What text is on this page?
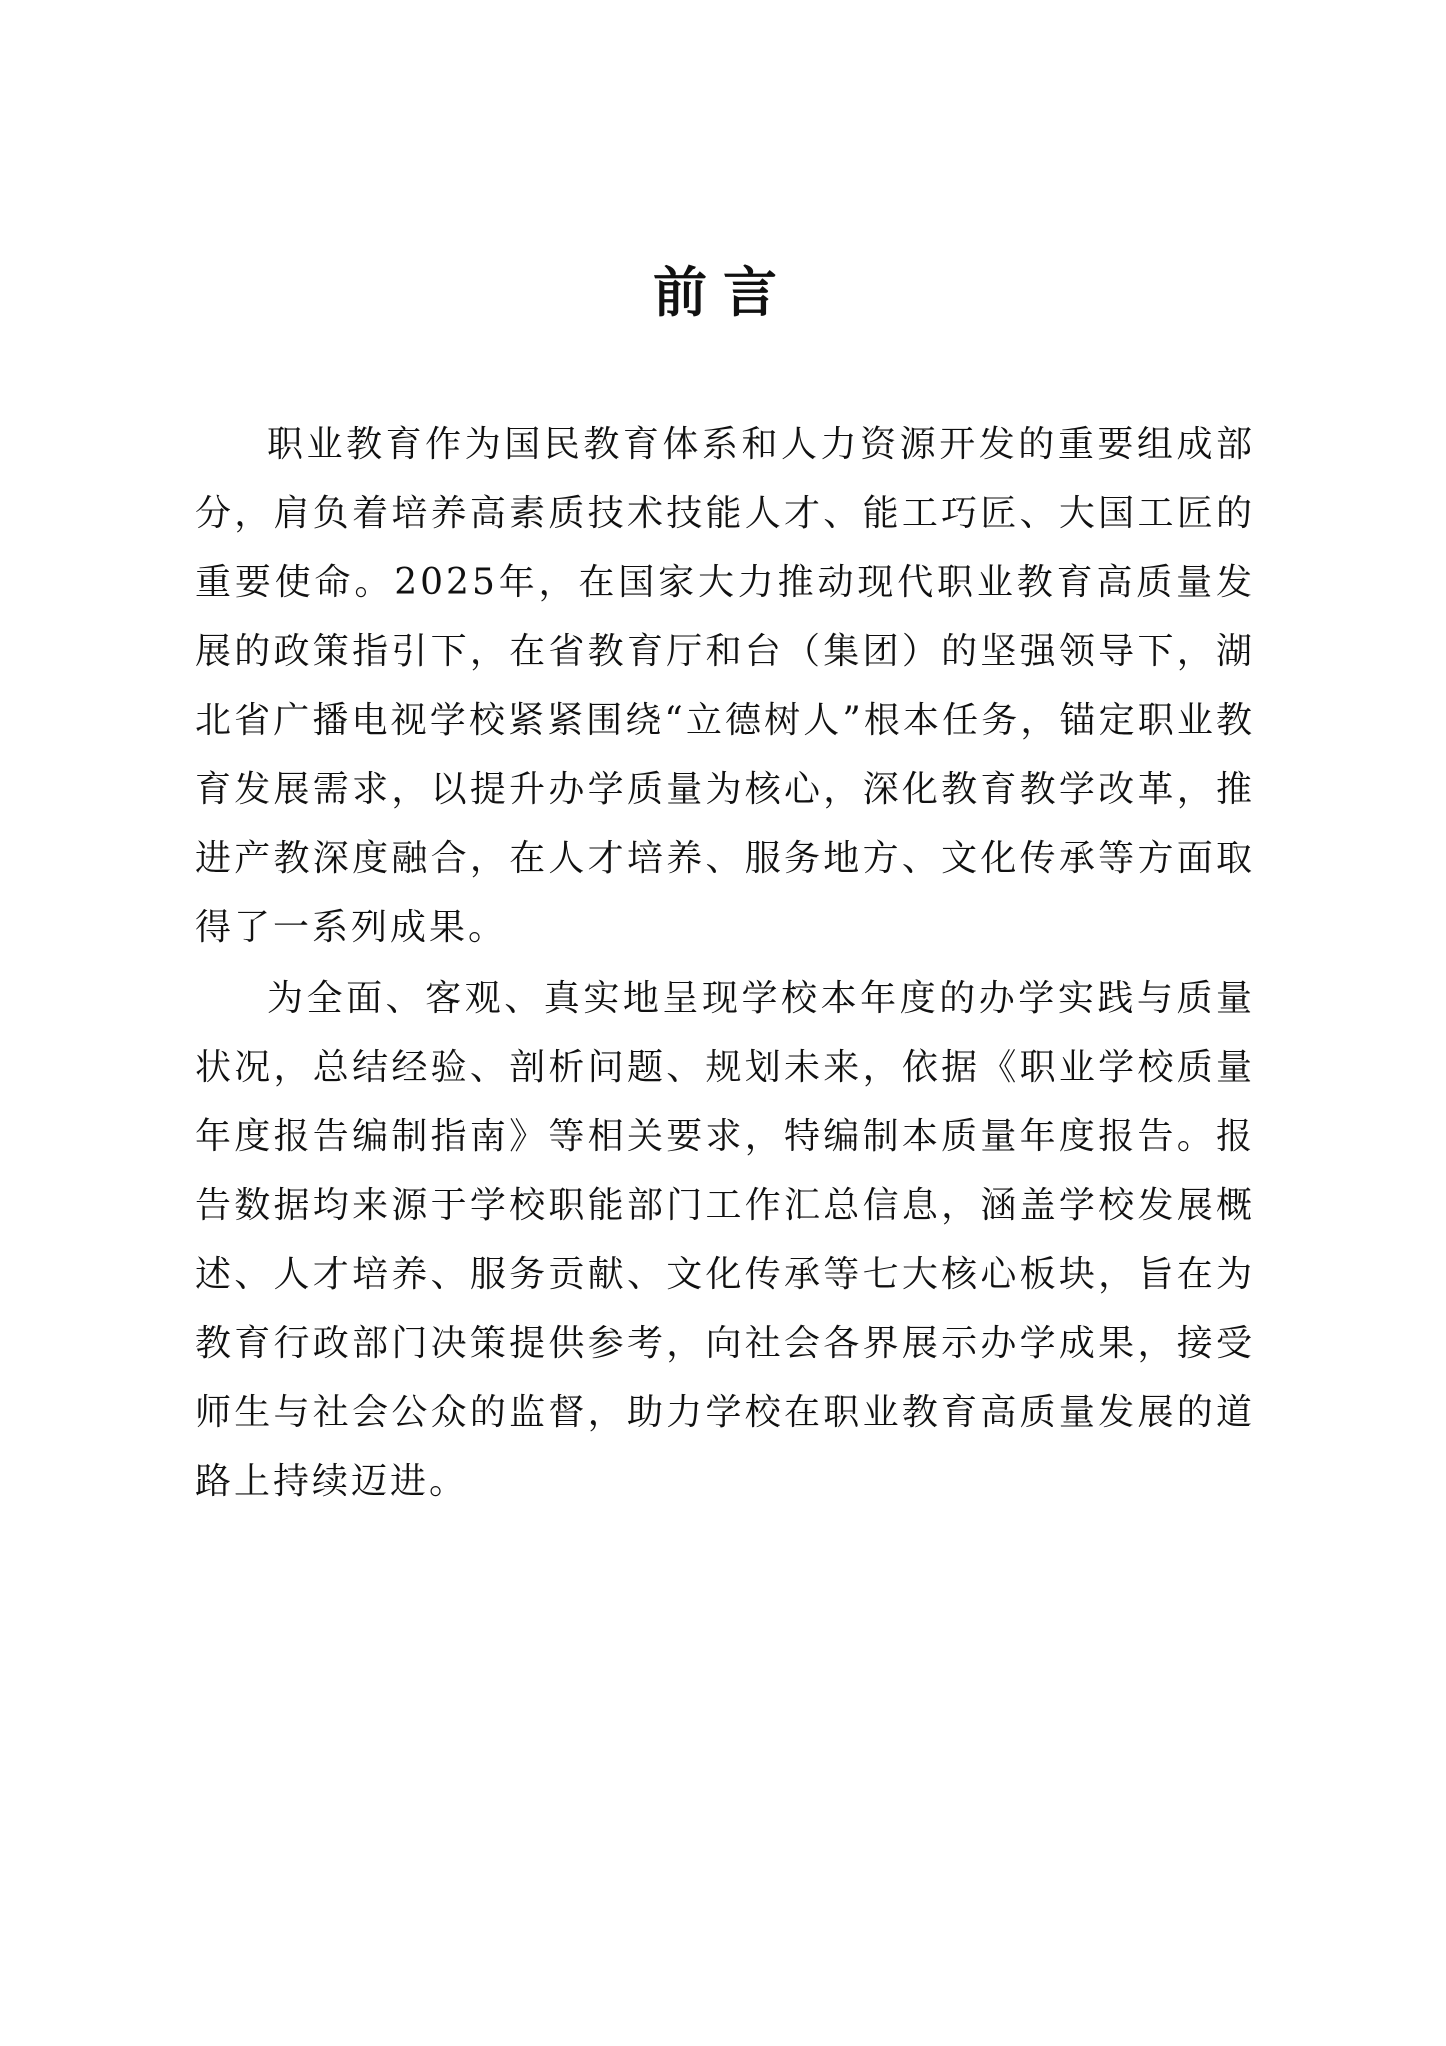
前言

职业教育作为国民教育体系和人力资源开发的重要组成部分，肩负着培养高素质技术技能人才、能工巧匠、大国工匠的重要使命。2025年，在国家大力推动现代职业教育高质量发展的政策指引下，在省教育厅和台（集团）的坚强领导下，湖北省广播电视学校紧紧围绕“立德树人”根本任务，锚定职业教育发展需求，以提升办学质量为核心，深化教育教学改革，推进产教深度融合，在人才培养、服务地方、文化传承等方面取得了一系列成果。

为全面、客观、真实地呈现学校本年度的办学实践与质量状况，总结经验、剖析问题、规划未来，依据《职业学校质量年度报告编制指南》等相关要求，特编制本质量年度报告。报告数据均来源于学校职能部门工作汇总信息，涵盖学校发展概述、人才培养、服务贡献、文化传承等七大核心板块，旨在为教育行政部门决策提供参考，向社会各界展示办学成果，接受师生与社会公众的监督，助力学校在职业教育高质量发展的道路上持续迈进。
